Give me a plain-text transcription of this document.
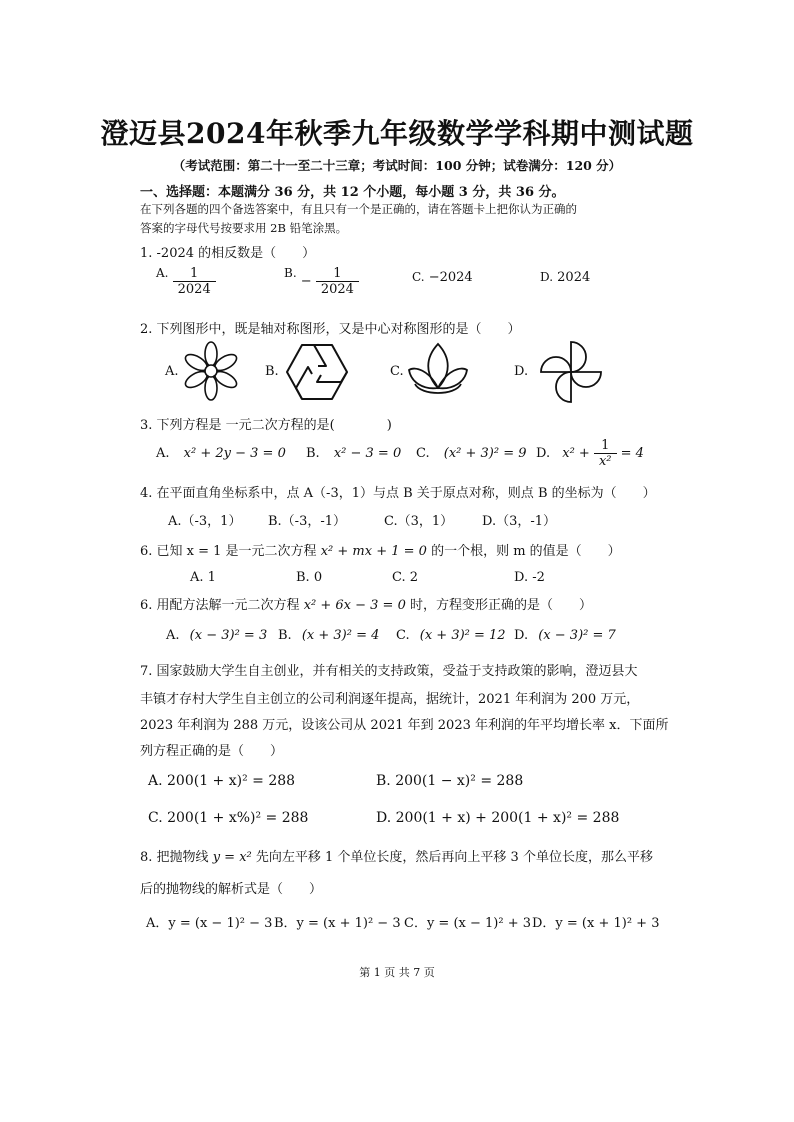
澄迈县2024年秋季九年级数学学科期中测试题
（考试范围：第二十一至二十三章；考试时间：100 分钟；试卷满分：120 分）
一、选择题：本题满分 36 分，共 12 个小题，每小题 3 分，共 36 分。
在下列各题的四个备选答案中，有且只有一个是正确的，请在答题卡上把你认为正确的
答案的字母代号按要求用 2B 铅笔涂黑。
1. -2024 的相反数是（　　）
A. $\frac{1}{2024}$	B. − $\frac{1}{2024}$	C. −2024	D. 2024
2. 下列图形中，既是轴对称图形，又是中心对称图形的是（　　）
A.	B.	C.	D.
3. 下列方程是 一元二次方程的是(　　　　)
A. x² + 2y − 3 = 0 B. x² − 3 = 0 C. (x² + 3)² = 9 D. $x^2 + \frac{1}{\text{x²}} = 4$
4. 在平面直角坐标系中，点 A（-3，1）与点 B 关于原点对称，则点 B 的坐标为（　　）
A.（-3，1） B.（-3，-1）	C.（3，1） D.（3，-1）
6. 已知 x = 1 是一元二次方程 x² + mx + 1 = 0 的一个根，则 m 的值是（　　）
A. 1	B. 0	C. 2	D. -2
6. 用配方法解一元二次方程 x² + 6x − 3 = 0 时，方程变形正确的是（　　）
A. (x − 3)² = 3 B. (x + 3)² = 4 C. (x + 3)² = 12 D. (x − 3)² = 7
7. 国家鼓励大学生自主创业，并有相关的支持政策，受益于支持政策的影响，澄迈县大
丰镇才存村大学生自主创立的公司利润逐年提高，据统计，2021 年利润为 200 万元，
2023 年利润为 288 万元，设该公司从 2021 年到 2023 年利润的年平均增长率 x．下面所
列方程正确的是（　　）
A. 200(1 + x)² = 288	B. 200(1 − x)² = 288
C. 200(1 + x%)² = 288	D. 200(1 + x) + 200(1 + x)² = 288
8. 把抛物线 y = x² 先向左平移 1 个单位长度，然后再向上平移 3 个单位长度，那么平移
后的抛物线的解析式是（　　）
A．y = (x − 1)² − 3 B．y = (x + 1)² − 3 C．y = (x − 1)² + 3 D．y = (x + 1)² + 3
第 1 页 共 7 页
